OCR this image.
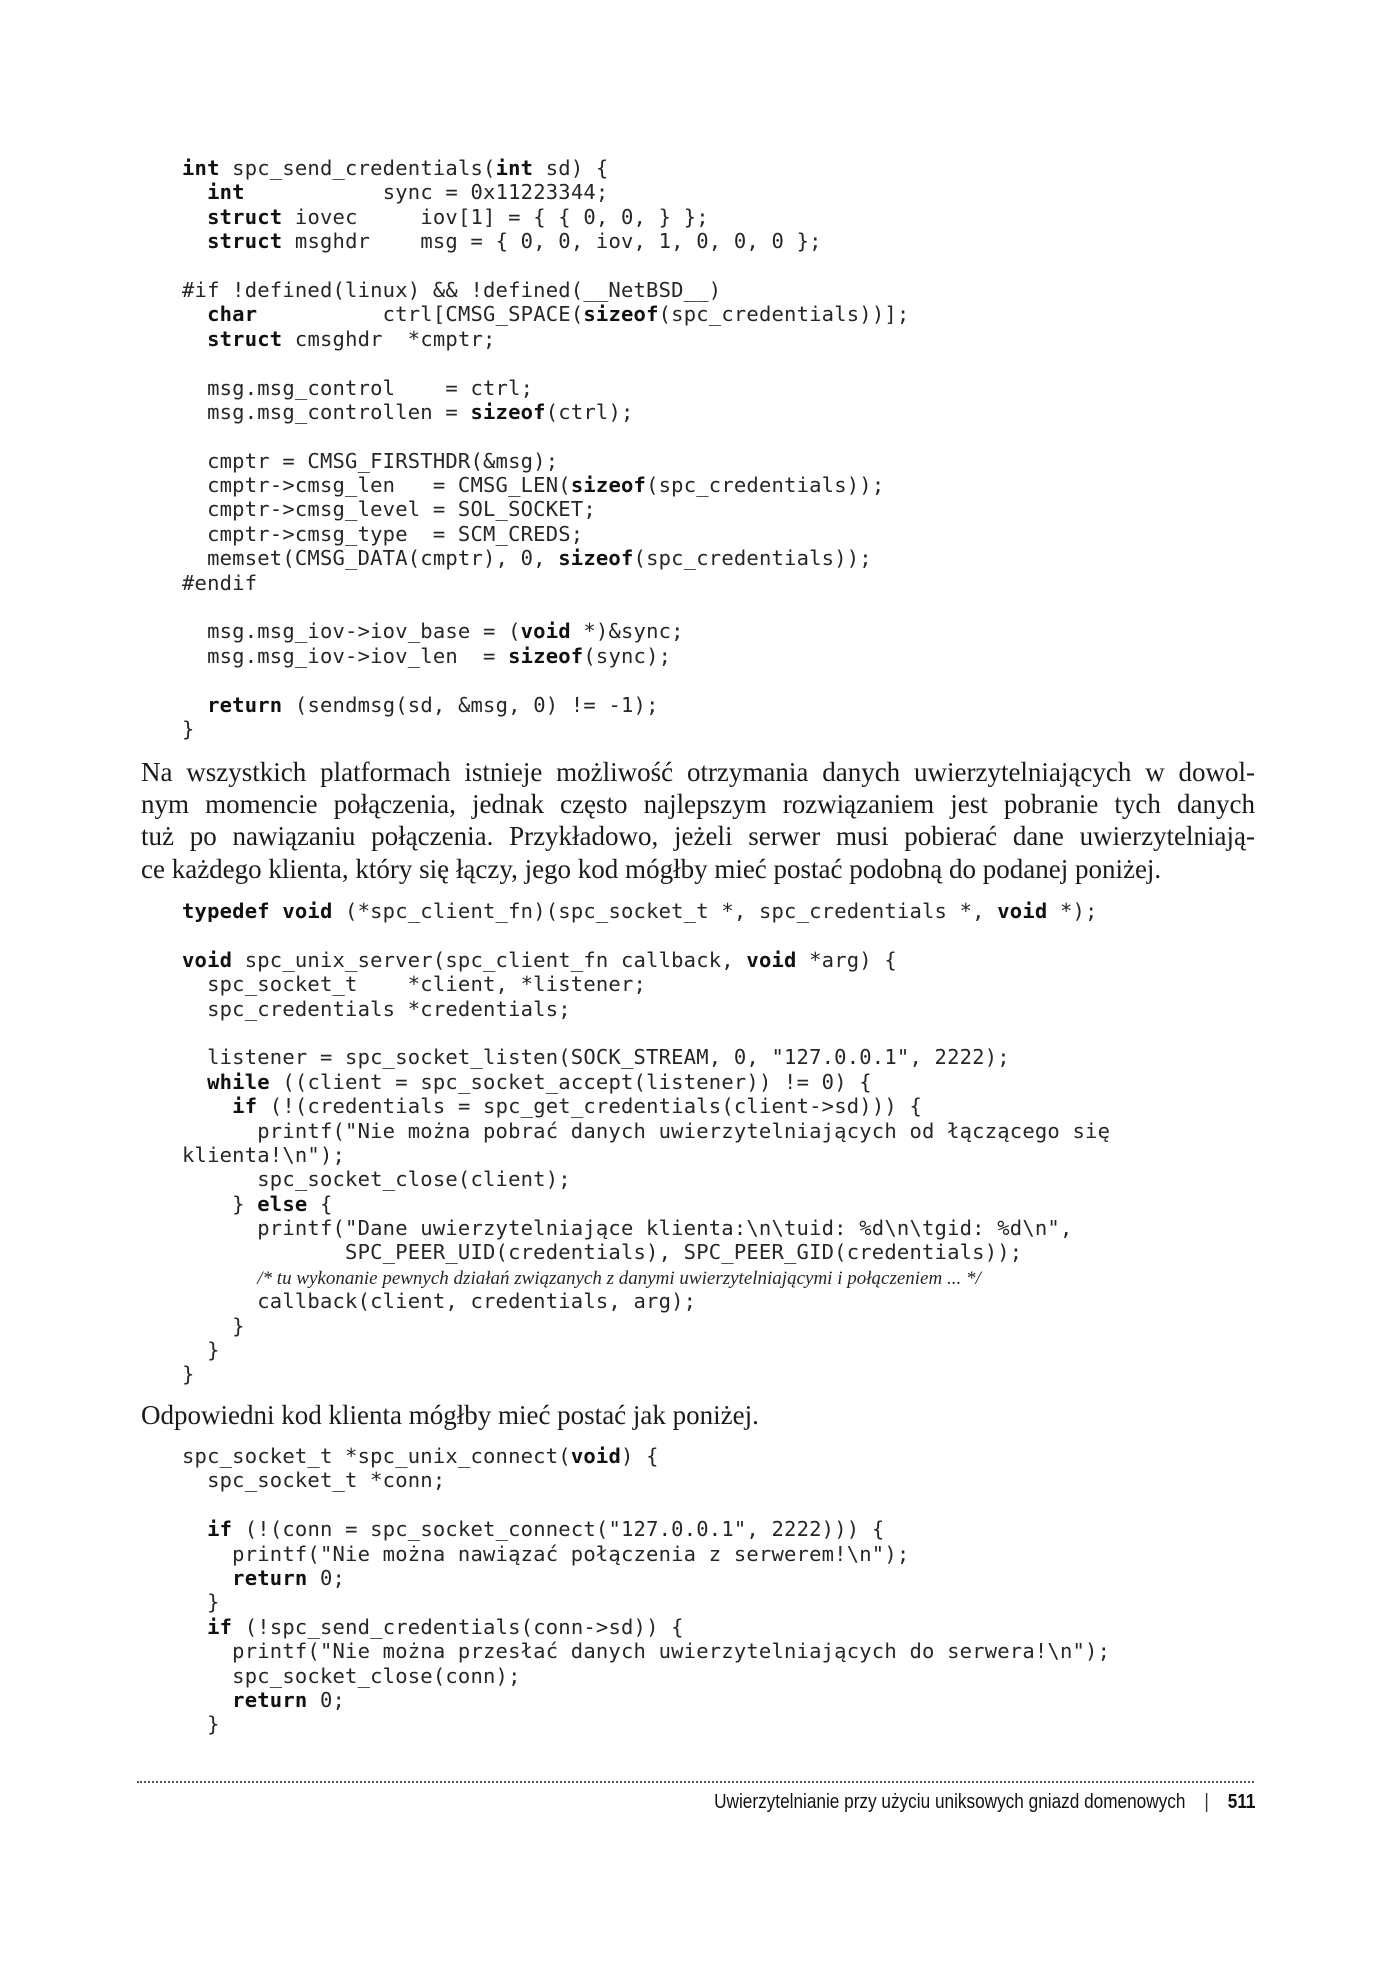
int spc_send_credentials(int sd) {
int           sync = 0x11223344;
struct iovec     iov[1] = { { 0, 0, } };
struct msghdr    msg = { 0, 0, iov, 1, 0, 0, 0 };

#if !defined(linux) && !defined(__NetBSD__)
char          ctrl[CMSG_SPACE(sizeof(spc_credentials))];
struct cmsghdr  *cmptr;

msg.msg_control    = ctrl;
msg.msg_controllen = sizeof(ctrl);

cmptr = CMSG_FIRSTHDR(&msg);
cmptr->cmsg_len   = CMSG_LEN(sizeof(spc_credentials));
cmptr->cmsg_level = SOL_SOCKET;
cmptr->cmsg_type  = SCM_CREDS;
memset(CMSG_DATA(cmptr), 0, sizeof(spc_credentials));
#endif

msg.msg_iov->iov_base = (void *)&sync;
msg.msg_iov->iov_len  = sizeof(sync);

return (sendmsg(sd, &msg, 0) != -1);
}

Na wszystkich platformach istnieje możliwość otrzymania danych uwierzytelniających w dowol-
nym momencie połączenia, jednak często najlepszym rozwiązaniem jest pobranie tych danych
tuż po nawiązaniu połączenia. Przykładowo, jeżeli serwer musi pobierać dane uwierzytelniają-
ce każdego klienta, który się łączy, jego kod mógłby mieć postać podobną do podanej poniżej.

typedef void (*spc_client_fn)(spc_socket_t *, spc_credentials *, void *);

void spc_unix_server(spc_client_fn callback, void *arg) {
spc_socket_t    *client, *listener;
spc_credentials *credentials;

listener = spc_socket_listen(SOCK_STREAM, 0, "127.0.0.1", 2222);
while ((client = spc_socket_accept(listener)) != 0) {
if (!(credentials = spc_get_credentials(client->sd))) {
printf("Nie można pobrać danych uwierzytelniających od łączącego się
klienta!\n");
spc_socket_close(client);
} else {
printf("Dane uwierzytelniające klienta:\n\tuid: %d\n\tgid: %d\n",
SPC_PEER_UID(credentials), SPC_PEER_GID(credentials));
/* tu wykonanie pewnych działań związanych z danymi uwierzytelniającymi i połączeniem ... */
callback(client, credentials, arg);
}
}
}

Odpowiedni kod klienta mógłby mieć postać jak poniżej.

spc_socket_t *spc_unix_connect(void) {
spc_socket_t *conn;

if (!(conn = spc_socket_connect("127.0.0.1", 2222))) {
printf("Nie można nawiązać połączenia z serwerem!\n");
return 0;
}
if (!spc_send_credentials(conn->sd)) {
printf("Nie można przesłać danych uwierzytelniających do serwera!\n");
spc_socket_close(conn);
return 0;
}
Uwierzytelnianie przy użyciu uniksowych gniazd domenowych | 511
